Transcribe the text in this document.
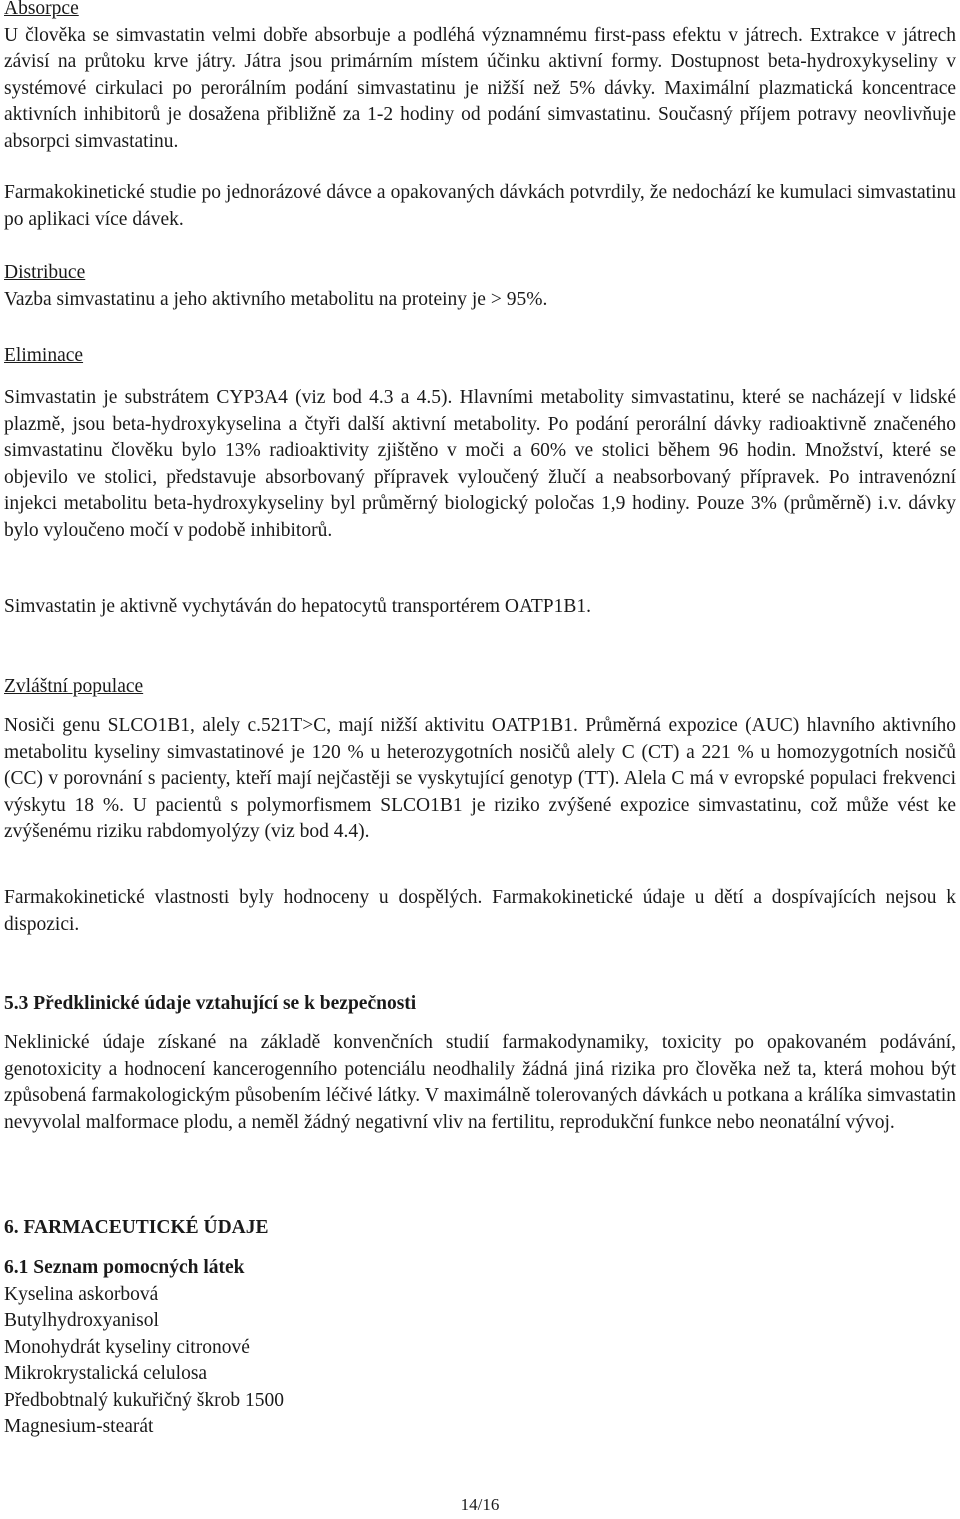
Absorpce

U člověka se simvastatin velmi dobře absorbuje a podléhá významnému first-pass efektu v játrech. Extrakce v játrech závisí na průtoku krve játry. Játra jsou primárním místem účinku aktivní formy. Dostupnost beta-hydroxykyseliny v systémové cirkulaci po perorálním podání simvastatinu je nižší než 5% dávky. Maximální plazmatická koncentrace aktivních inhibitorů je dosažena přibližně za 1-2 hodiny od podání simvastatinu. Současný příjem potravy neovlivňuje absorpci simvastatinu.

Farmakokinetické studie po jednorázové dávce a opakovaných dávkách potvrdily, že nedochází ke kumulaci simvastatinu po aplikaci více dávek.

Distribuce

Vazba simvastatinu a jeho aktivního metabolitu na proteiny je > 95%.

Eliminace

Simvastatin je substrátem CYP3A4 (viz bod 4.3 a 4.5). Hlavními metabolity simvastatinu, které se nacházejí v lidské plazmě, jsou beta-hydroxykyselina a čtyři další aktivní metabolity. Po podání perorální dávky radioaktivně značeného simvastatinu člověku bylo 13% radioaktivity zjištěno v moči a 60% ve stolici během 96 hodin. Množství, které se objevilo ve stolici, představuje absorbovaný přípravek vyloučený žlučí a neabsorbovaný přípravek. Po intravenózní injekci metabolitu beta-hydroxykyseliny byl průměrný biologický poločas 1,9 hodiny. Pouze 3% (průměrně) i.v. dávky bylo vyloučeno močí v podobě inhibitorů.

Simvastatin je aktivně vychytáván do hepatocytů transportérem OATP1B1.

Zvláštní populace

Nosiči genu SLCO1B1, alely c.521T>C, mají nižší aktivitu OATP1B1. Průměrná expozice (AUC) hlavního aktivního metabolitu kyseliny simvastatinové je 120 % u heterozygotních nosičů alely C (CT) a 221 % u homozygotních nosičů (CC) v porovnání s pacienty, kteří mají nejčastěji se vyskytující genotyp (TT). Alela C má v evropské populaci frekvenci výskytu 18 %. U pacientů s polymorfismem SLCO1B1 je riziko zvýšené expozice simvastatinu, což může vést ke zvýšenému riziku rabdomyolýzy (viz bod 4.4).

Farmakokinetické vlastnosti byly hodnoceny u dospělých. Farmakokinetické údaje u dětí a dospívajících nejsou k dispozici.

5.3 Předklinické údaje vztahující se k bezpečnosti

Neklinické údaje získané na základě konvenčních studií farmakodynamiky, toxicity po opakovaném podávání, genotoxicity a hodnocení kancerogenního potenciálu neodhalily žádná jiná rizika pro člověka než ta, která mohou být způsobená farmakologickým působením léčivé látky. V maximálně tolerovaných dávkách u potkana a králíka simvastatin nevyvolal malformace plodu, a neměl žádný negativní vliv na fertilitu, reprodukční funkce nebo neonatální vývoj.

6. FARMACEUTICKÉ ÚDAJE

6.1 Seznam pomocných látek

Kyselina askorbová

Butylhydroxyanisol

Monohydrát kyseliny citronové

Mikrokrystalická celulosa

Předbobtnalý kukuřičný škrob 1500

Magnesium-stearát

14/16
